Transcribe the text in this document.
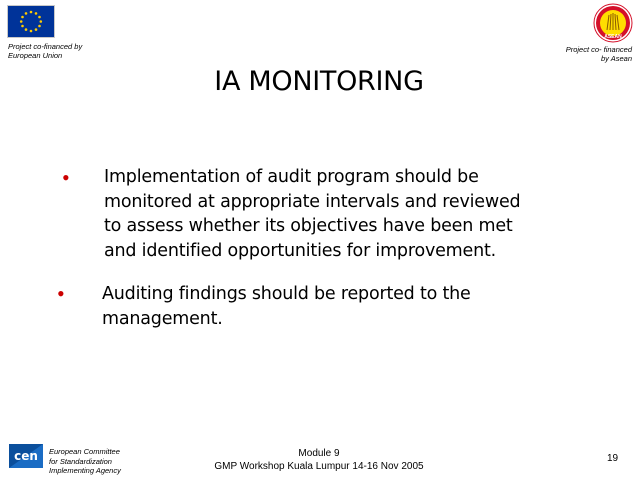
Project co-financed by
European Union
ASEAN
Project co- financed
by Asean
IA MONITORING
• Implementation of audit program should be
monitored at appropriate intervals and reviewed
to assess whether its objectives have been met
and identified opportunities for improvement.
• Auditing findings should be reported to the
management.
cen European Committee
for Standardization
Implementing Agency
Module 9
GMP Workshop Kuala Lumpur 14-16 Nov 2005
19
